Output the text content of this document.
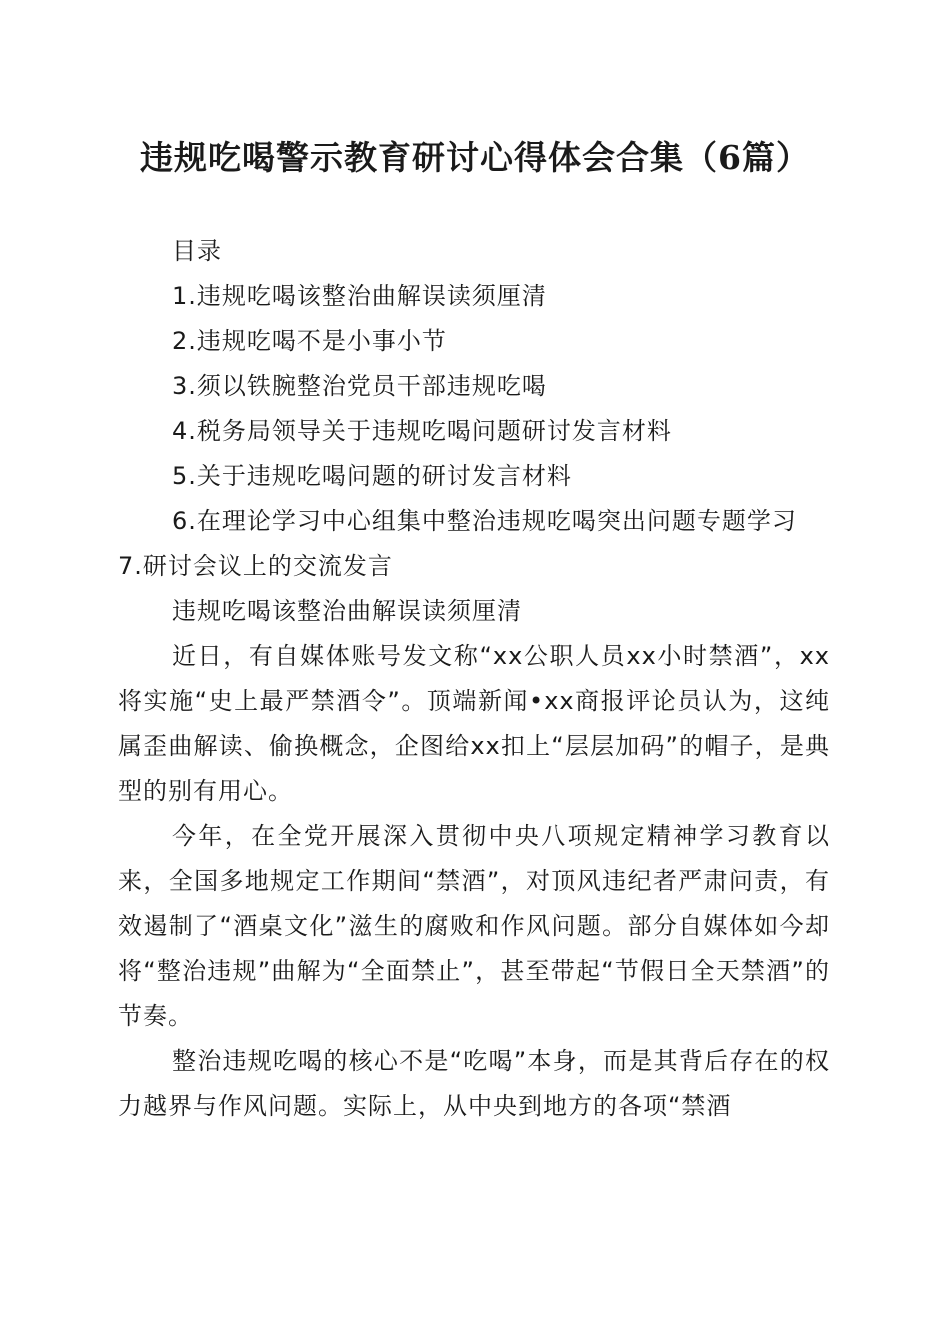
违规吃喝警示教育研讨心得体会合集（6篇）
目录
1.违规吃喝该整治曲解误读须厘清
2.违规吃喝不是小事小节
3.须以铁腕整治党员干部违规吃喝
4.税务局领导关于违规吃喝问题研讨发言材料
5.关于违规吃喝问题的研讨发言材料
6.在理论学习中心组集中整治违规吃喝突出问题专题学习
7.研讨会议上的交流发言
违规吃喝该整治曲解误读须厘清

近日，有自媒体账号发文称“xx公职人员xx小时禁酒”，xx将实施“史上最严禁酒令”。顶端新闻•xx商报评论员认为，这纯属歪曲解读、偷换概念，企图给xx扣上“层层加码”的帽子，是典型的别有用心。

今年，在全党开展深入贯彻中央八项规定精神学习教育以来，全国多地规定工作期间“禁酒”，对顶风违纪者严肃问责，有效遏制了“酒桌文化”滋生的腐败和作风问题。部分自媒体如今却将“整治违规”曲解为“全面禁止”，甚至带起“节假日全天禁酒”的节奏。

整治违规吃喝的核心不是“吃喝”本身，而是其背后存在的权力越界与作风问题。实际上，从中央到地方的各项“禁酒
